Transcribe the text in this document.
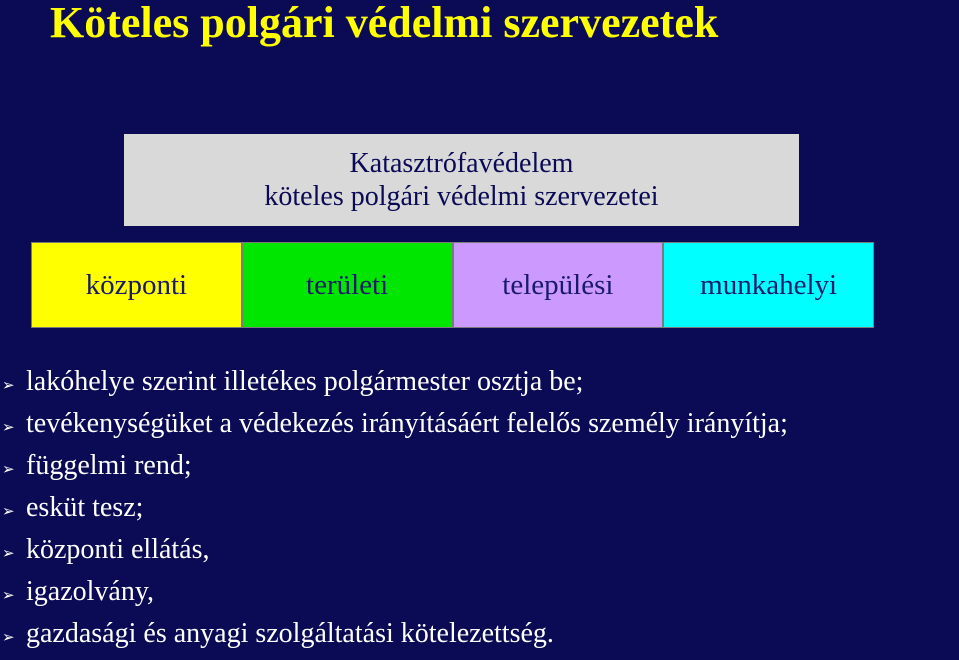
Köteles polgári védelmi szervezetek
Katasztrófavédelem
köteles polgári védelmi szervezetei
központi	területi	települési	munkahelyi
➢ lakóhelye szerint illetékes polgármester osztja be;
➢ tevékenységüket a védekezés irányításáért felelős személy irányítja;
➢ függelmi rend;
➢ esküt tesz;
➢ központi ellátás,
➢ igazolvány,
➢ gazdasági és anyagi szolgáltatási kötelezettség.
